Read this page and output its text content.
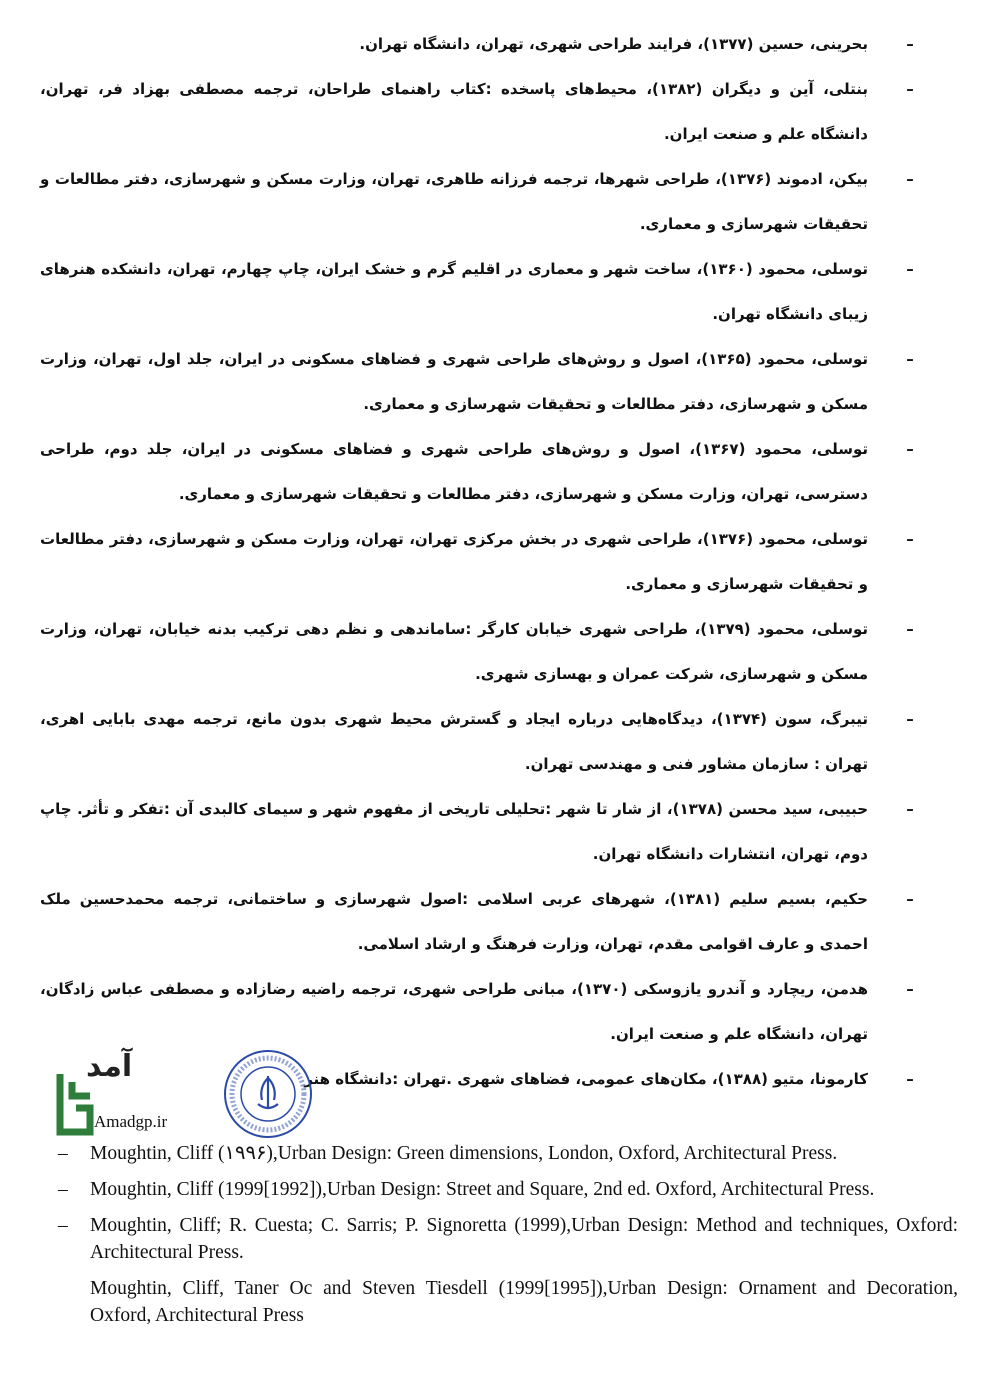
–
بحرینی، حسین (۱۳۷۷)، فرایند طراحی شهری، تهران، دانشگاه تهران.
–
بنتلی، آین و دیگران (۱۳۸۲)، محیط‌های پاسخده :کتاب راهنمای طراحان، ترجمه مصطفی بهزاد فر، تهران، دانشگاه علم و صنعت ایران.
–
بیکن، ادموند (۱۳۷۶)، طراحی شهرها، ترجمه فرزانه طاهری، تهران، وزارت مسکن و شهرسازی، دفتر مطالعات و تحقیقات شهرسازی و معماری.
–
توسلی، محمود (۱۳۶۰)، ساخت شهر و معماری در اقلیم گرم و خشک ایران، چاپ چهارم، تهران، دانشکده هنرهای زیبای دانشگاه تهران.
–
توسلی، محمود (۱۳۶۵)، اصول و روش‌های طراحی شهری و فضاهای مسکونی در ایران، جلد اول، تهران، وزارت مسکن و شهرسازی، دفتر مطالعات و تحقیقات شهرسازی و معماری.
–
توسلی، محمود (۱۳۶۷)، اصول و روش‌های طراحی شهری و فضاهای مسکونی در ایران، جلد دوم، طراحی دسترسی، تهران، وزارت مسکن و شهرسازی، دفتر مطالعات و تحقیقات شهرسازی و معماری.
–
توسلی، محمود (۱۳۷۶)، طراحی شهری در بخش مرکزی تهران، تهران، وزارت مسکن و شهرسازی، دفتر مطالعات و تحقیقات شهرسازی و معماری.
–
توسلی، محمود (۱۳۷۹)، طراحی شهری خیابان کارگر :ساماندهی و نظم دهی ترکیب بدنه خیابان، تهران، وزارت مسکن و شهرسازی، شرکت عمران و بهسازی شهری.
–
تیبرگ، سون (۱۳۷۴)، دیدگاه‌هایی درباره ایجاد و گسترش محیط شهری بدون مانع، ترجمه مهدی بابایی اهری، تهران : سازمان مشاور فنی و مهندسی تهران.
–
حبیبی، سید محسن (۱۳۷۸)، از شار تا شهر :تحلیلی تاریخی از مفهوم شهر و سیمای کالبدی آن :تفکر و تأثر. چاپ دوم، تهران، انتشارات دانشگاه تهران.
–
حکیم، بسیم سلیم (۱۳۸۱)، شهرهای عربی اسلامی :اصول شهرسازی و ساختمانی، ترجمه محمدحسین ملک احمدی و عارف اقوامی مقدم، تهران، وزارت فرهنگ و ارشاد اسلامی.
–
هدمن، ریچارد و آندرو یازوسکی (۱۳۷۰)، مبانی طراحی شهری، ترجمه راضیه رضازاده و مصطفی عباس زادگان، تهران، دانشگاه علم و صنعت ایران.
–
کارمونا، متیو (۱۳۸۸)، مکان‌های عمومی، فضاهای شهری .تهران :دانشگاه هنر
آمد
Amadgp.ir
– Moughtin, Cliff (۱۹۹۶),Urban Design: Green dimensions, London, Oxford, Architectural Press.
– Moughtin, Cliff (1999[1992]),Urban Design: Street and Square, 2nd ed. Oxford, Architectural Press.
– Moughtin, Cliff; R. Cuesta; C. Sarris; P. Signoretta (1999),Urban Design: Method and techniques, Oxford: Architectural Press.
Moughtin, Cliff, Taner Oc and Steven Tiesdell (1999[1995]),Urban Design: Ornament and Decoration, Oxford, Architectural Press
